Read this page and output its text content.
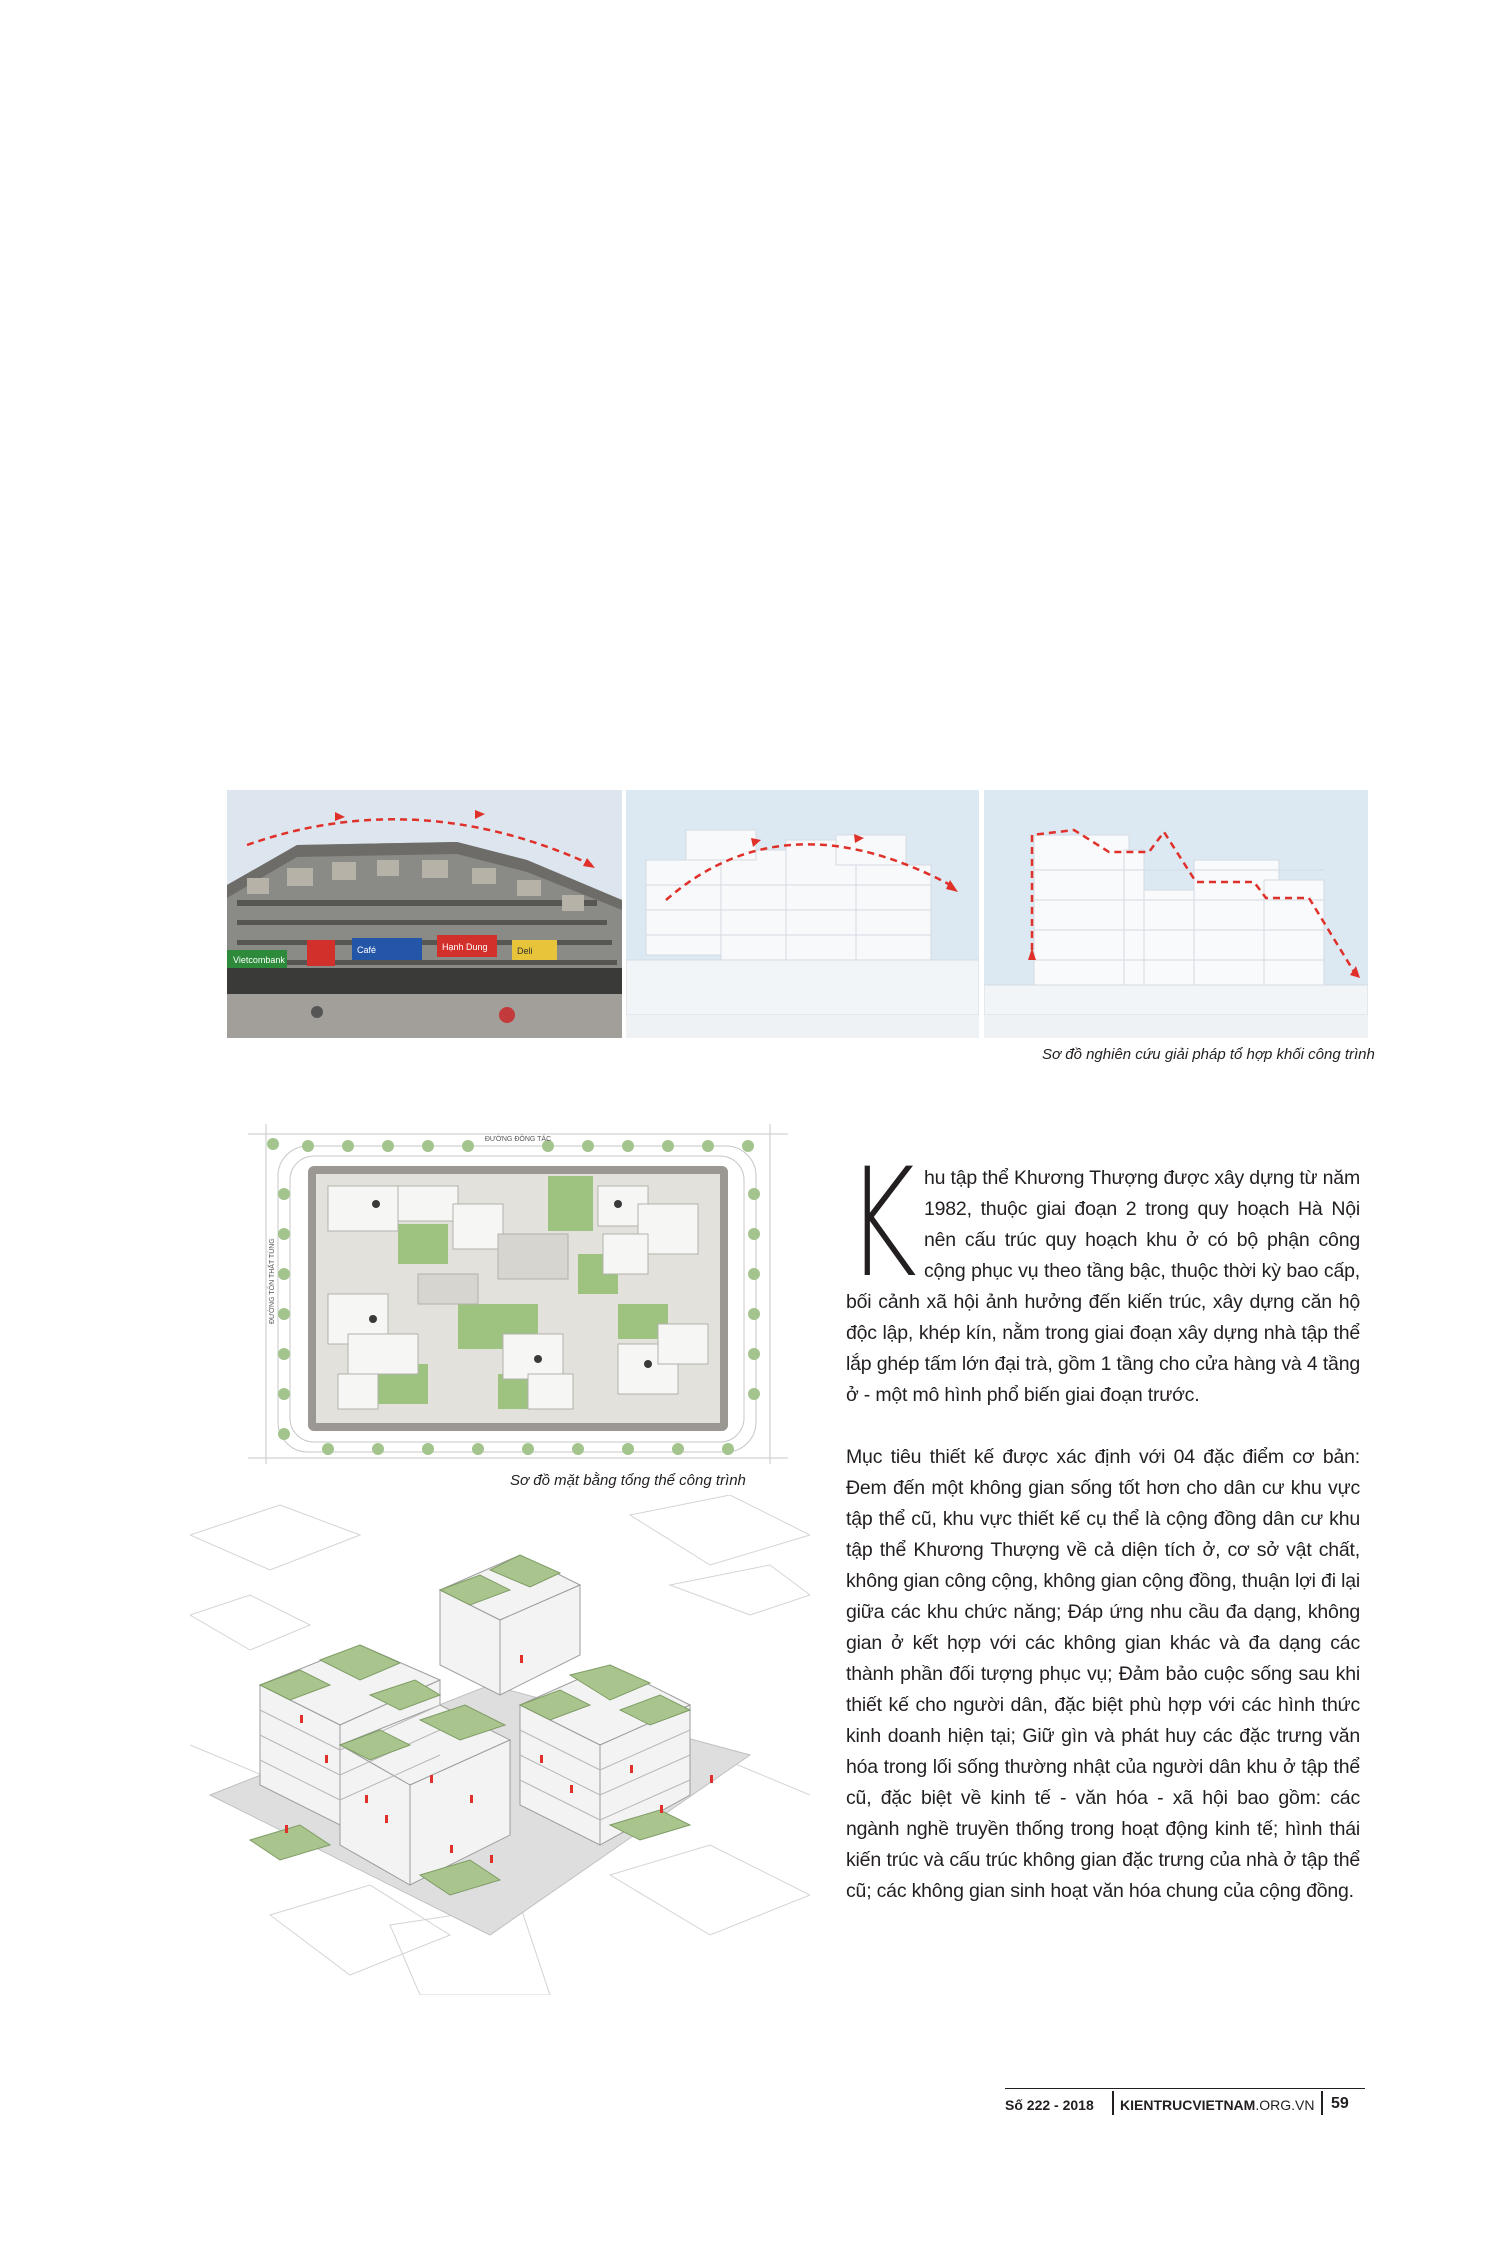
Vietcombank
Hạnh Dung	Deli
Café
Sơ đồ nghiên cứu giải pháp tổ hợp khối công trình
ĐƯỜNG ĐÔNG TÁC
ĐƯỜNG TÔN THẤT TÙNG
Sơ đồ mặt bằng tổng thể công trình

Khu tập thể Khương Thượng được xây dựng từ năm 1982, thuộc giai đoạn 2 trong quy hoạch Hà Nội nên cấu trúc quy hoạch khu ở có bộ phận công cộng phục vụ theo tầng bậc, thuộc thời kỳ bao cấp, bối cảnh xã hội ảnh hưởng đến kiến trúc, xây dựng căn hộ độc lập, khép kín, nằm trong giai đoạn xây dựng nhà tập thể lắp ghép tấm lớn đại trà, gồm 1 tầng cho cửa hàng và 4 tầng ở - một mô hình phổ biến giai đoạn trước.

Mục tiêu thiết kế được xác định với 04 đặc điểm cơ bản: Đem đến một không gian sống tốt hơn cho dân cư khu vực tập thể cũ, khu vực thiết kế cụ thể là cộng đồng dân cư khu tập thể Khương Thượng về cả diện tích ở, cơ sở vật chất, không gian công cộng, không gian cộng đồng, thuận lợi đi lại giữa các khu chức năng; Đáp ứng nhu cầu đa dạng, không gian ở kết hợp với các không gian khác và đa dạng các thành phần đối tượng phục vụ; Đảm bảo cuộc sống sau khi thiết kế cho người dân, đặc biệt phù hợp với các hình thức kinh doanh hiện tại; Giữ gìn và phát huy các đặc trưng văn hóa trong lối sống thường nhật của người dân khu ở tập thể cũ, đặc biệt về kinh tế - văn hóa - xã hội bao gồm: các ngành nghề truyền thống trong hoạt động kinh tế; hình thái kiến trúc và cấu trúc không gian đặc trưng của nhà ở tập thể cũ; các không gian sinh hoạt văn hóa chung của cộng đồng.

Số 222 - 2018 KIENTRUCVIETNAM.ORG.VN 59
